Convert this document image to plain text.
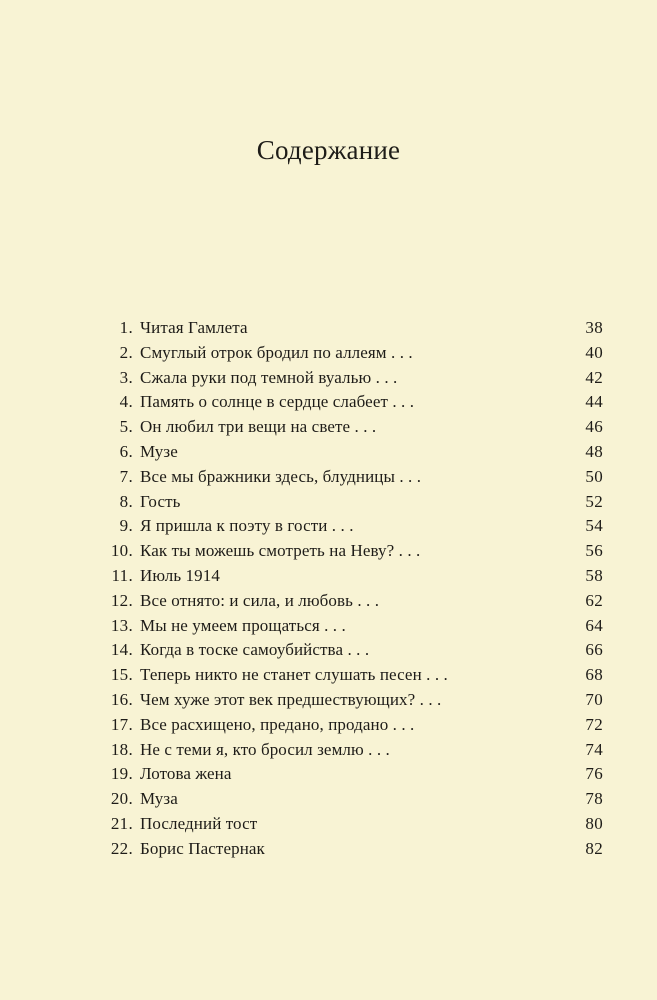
Содержание
1. Читая Гамлета	38
2. Смуглый отрок бродил по аллеям . . .	40
3. Сжала руки под темной вуалью . . .	42
4. Память о солнце в сердце слабеет . . .	44
5. Он любил три вещи на свете . . .	46
6. Музе	48
7. Все мы бражники здесь, блудницы . . .	50
8. Гость	52
9. Я пришла к поэту в гости . . .	54
10. Как ты можешь смотреть на Неву? . . .	56
11. Июль 1914	58
12. Все отнято: и сила, и любовь . . .	62
13. Мы не умеем прощаться . . .	64
14. Когда в тоске самоубийства . . .	66
15. Теперь никто не станет слушать песен . . .	68
16. Чем хуже этот век предшествующих? . . .	70
17. Все расхищено, предано, продано . . .	72
18. Не с теми я, кто бросил землю . . .	74
19. Лотова жена	76
20. Муза	78
21. Последний тост	80
22. Борис Пастернак	82
